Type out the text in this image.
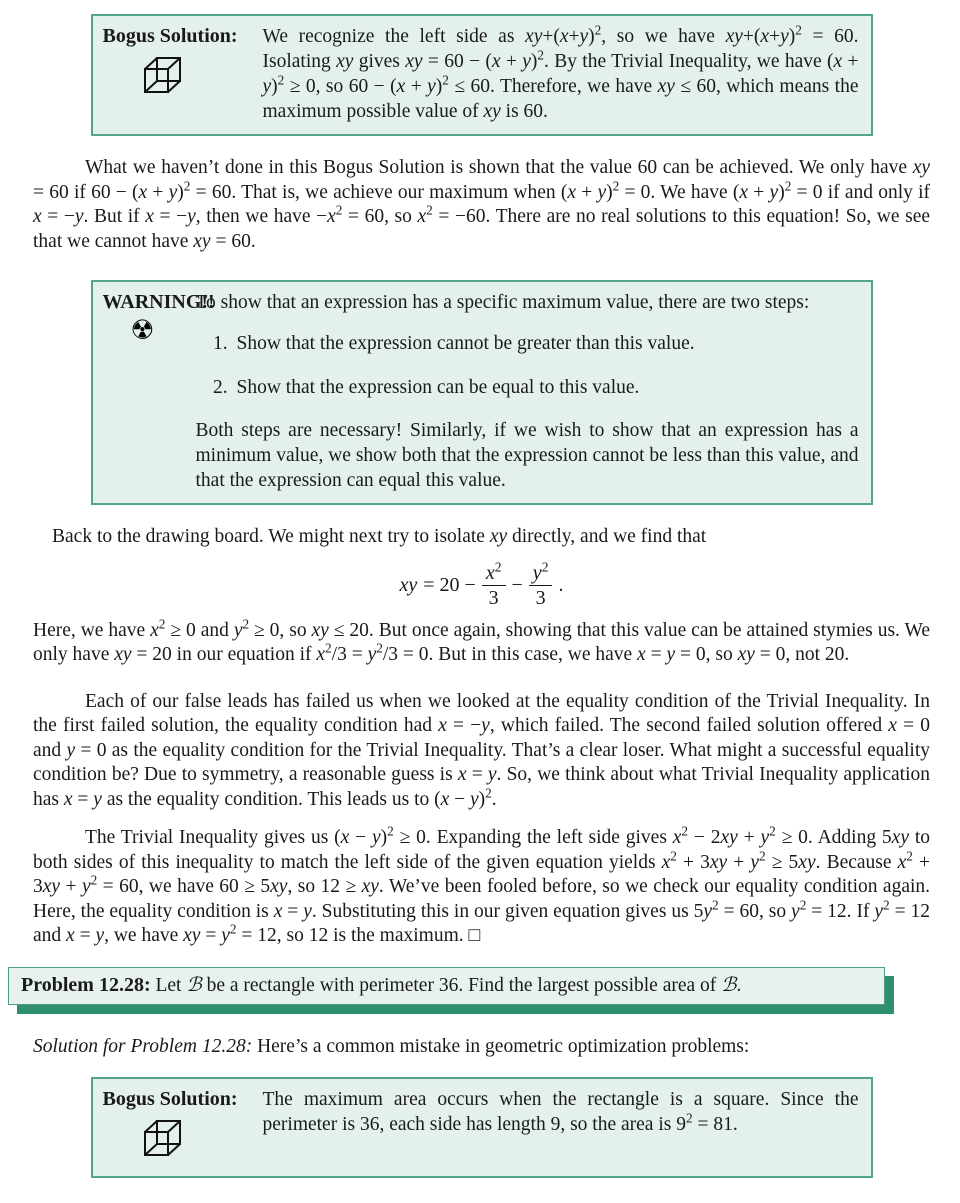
Bogus Solution:	We recognize the left side as $xy+(x+y)^2$, so we have $xy+(x+y)^2 = 60$. Isolating xy gives xy = $60 - (x + y)^2$. By the Trivial Inequality, we have $(x + y)^2 \ge 0$, so $60 - (x + y)^2 \le 60$. Therefore, we have xy ≤ 60, which means the maximum possible value of xy is 60.

What we haven’t done in this Bogus Solution is shown that the value 60 can be achieved. We only have xy = 60 if $60 - (x + y)^2 = 60$. That is, we achieve our maximum when $(x + y)^2 = 0$. We have $(x + y)^2 = 0$ if and only if x = −y. But if x = −y, then we have $-x^2 = 60$, so $x^2 = -60$. There are no real solutions to this equation! So, we see that we cannot have xy = 60.

WARNING!!
☢

To show that an expression has a specific maximum value, there are two steps:

1. Show that the expression cannot be greater than this value.
2. Show that the expression can be equal to this value.

Both steps are necessary! Similarly, if we wish to show that an expression has a minimum value, we show both that the expression cannot be less than this value, and that the expression can equal this value.

Back to the drawing board. We might next try to isolate xy directly, and we find that

xy = $20 - \frac{x^2}{3} - \frac{y^2}{3}$ .

Here, we have $x^2 \ge 0$ and $y^2 \ge 0$, so xy ≤ 20. But once again, showing that this value can be attained stymies us. We only have xy = 20 in our equation if $x^2/3 = y^2/3 = 0$. But in this case, we have x = y = 0, so xy = 0, not 20.

Each of our false leads has failed us when we looked at the equality condition of the Trivial Inequality. In the first failed solution, the equality condition had x = −y, which failed. The second failed solution offered x = 0 and y = 0 as the equality condition for the Trivial Inequality. That’s a clear loser. What might a successful equality condition be? Due to symmetry, a reasonable guess is x = y. So, we think about what Trivial Inequality application has x = y as the equality condition. This leads us to $(x - y)^2$.

The Trivial Inequality gives us $(x - y)^2 \ge 0$. Expanding the left side gives $x^2 - 2xy + y^2 \ge 0$. Adding 5xy to both sides of this inequality to match the left side of the given equation yields $x^2 + 3xy + y^2 \ge 5xy$. Because $x^2 + 3xy + y^2 = 60$, we have 60 ≥ 5xy, so 12 ≥ xy. We’ve been fooled before, so we check our equality condition again. Here, the equality condition is x = y. Substituting this in our given equation gives us $5y^2 = 60$, so $y^2 = 12$. If $y^2 = 12$ and x = y, we have xy = $y^2 = 12$, so 12 is the maximum. □

Problem 12.28: Let ℬ be a rectangle with perimeter 36. Find the largest possible area of ℬ.

Solution for Problem 12.28: Here’s a common mistake in geometric optimization problems:

Bogus Solution:	The maximum area occurs when the rectangle is a square. Since the perimeter is 36, each side has length 9, so the area is $9^2 = 81$.
